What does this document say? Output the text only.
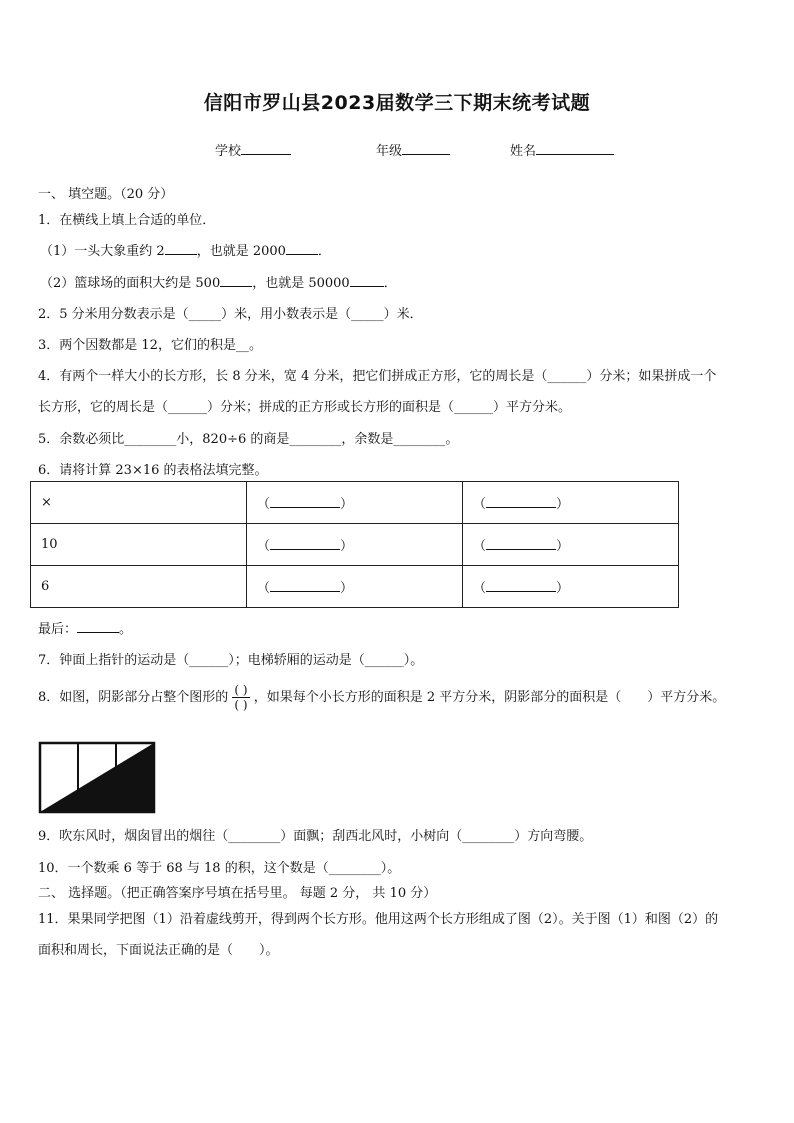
信阳市罗山县2023届数学三下期末统考试题
学校	年级	姓名
一、 填空题。（20 分）
1．在横线上填上合适的单位．
（1）一头大象重约 2 ，也就是 2000 ．
（2）篮球场的面积大约是 500 ，也就是 50000	．
2．5 分米用分数表示是（_____）米，用小数表示是（_____）米．
3．两个因数都是 12，它们的积是__。
4．有两个一样大小的长方形，长 8 分米，宽 4 分米，把它们拼成正方形，它的周长是（______）分米；如果拼成一个
长方形，它的周长是（______）分米；拼成的正方形或长方形的面积是（______）平方分米。
5．余数必须比________小，820÷6 的商是________，余数是________。
6．请将计算 23×16 的表格法填完整。
×	（ ）	（ ）
10	（ ）	（ ）
6	（ ）	（ ）
最后：	。
7．钟面上指针的运动是（______）；电梯轿厢的运动是（______）。
8．如图，阴影部分占整个图形的 $\frac{( )}{( )}$ ，如果每个小长方形的面积是 2 平方分米，阴影部分的面积是（　　）平方分米。
9．吹东风时，烟囱冒出的烟往（________）面飘；刮西北风时，小树向（________）方向弯腰。
10．一个数乘 6 等于 68 与 18 的积，这个数是（________）。
二、 选择题。（把正确答案序号填在括号里。 每题 2 分， 共 10 分）
11．果果同学把图（1）沿着虚线剪开，得到两个长方形。他用这两个长方形组成了图（2）。关于图（1）和图（2）的
面积和周长，下面说法正确的是（　　）。
